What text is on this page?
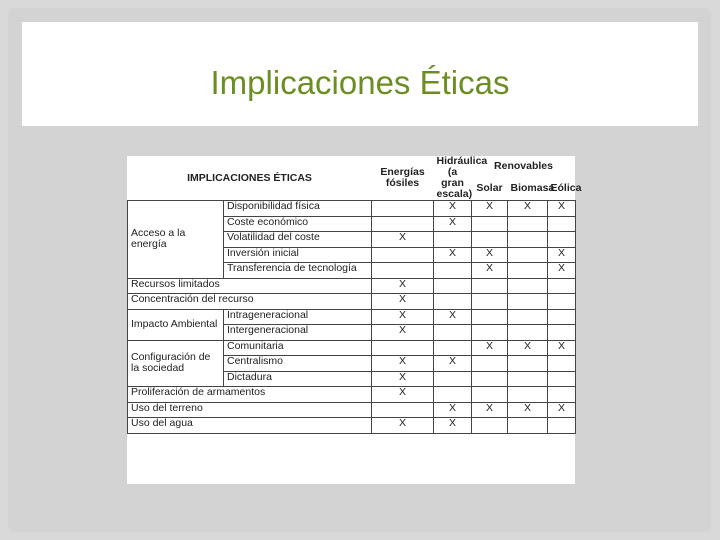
Implicaciones Éticas
IMPLICACIONES ÉTICAS		Energías fósiles	Hidráulica (a gran escala)	Renovables		
				Solar	Biomasa	Eólica
Acceso a la energía	Disponibilidad física		X	X	X	X
	Coste económico		X			
	Volatilidad del coste	X				
	Inversión inicial		X	X		X
	Transferencia de tecnología			X		X
Recursos limitados		X				
Concentración del recurso		X				
Impacto Ambiental	Intrageneracional	X	X			
	Intergeneracional	X				
Configuración de la sociedad	Comunitaria			X	X	X
	Centralismo	X	X			
	Dictadura	X				
Proliferación de armamentos		X				
Uso del terreno			X	X	X	X
Uso del agua		X	X			
